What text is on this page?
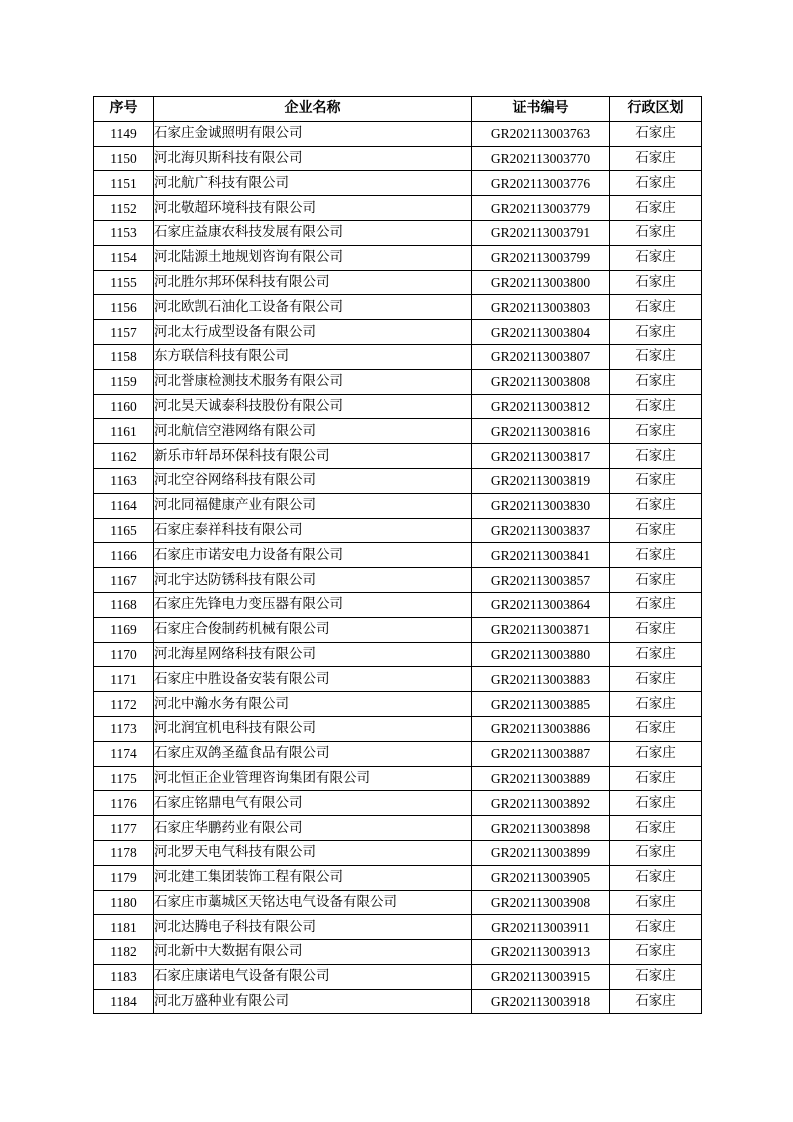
序号	企业名称	证书编号	行政区划
1149	石家庄金诚照明有限公司	GR202113003763	石家庄
1150	河北海贝斯科技有限公司	GR202113003770	石家庄
1151	河北航广科技有限公司	GR202113003776	石家庄
1152	河北敬超环境科技有限公司	GR202113003779	石家庄
1153	石家庄益康农科技发展有限公司	GR202113003791	石家庄
1154	河北陆源土地规划咨询有限公司	GR202113003799	石家庄
1155	河北胜尔邦环保科技有限公司	GR202113003800	石家庄
1156	河北欧凯石油化工设备有限公司	GR202113003803	石家庄
1157	河北太行成型设备有限公司	GR202113003804	石家庄
1158	东方联信科技有限公司	GR202113003807	石家庄
1159	河北誉康检测技术服务有限公司	GR202113003808	石家庄
1160	河北昊天诚泰科技股份有限公司	GR202113003812	石家庄
1161	河北航信空港网络有限公司	GR202113003816	石家庄
1162	新乐市轩昂环保科技有限公司	GR202113003817	石家庄
1163	河北空谷网络科技有限公司	GR202113003819	石家庄
1164	河北同福健康产业有限公司	GR202113003830	石家庄
1165	石家庄泰祥科技有限公司	GR202113003837	石家庄
1166	石家庄市诺安电力设备有限公司	GR202113003841	石家庄
1167	河北宇达防锈科技有限公司	GR202113003857	石家庄
1168	石家庄先锋电力变压器有限公司	GR202113003864	石家庄
1169	石家庄合俊制药机械有限公司	GR202113003871	石家庄
1170	河北海星网络科技有限公司	GR202113003880	石家庄
1171	石家庄中胜设备安装有限公司	GR202113003883	石家庄
1172	河北中瀚水务有限公司	GR202113003885	石家庄
1173	河北润宜机电科技有限公司	GR202113003886	石家庄
1174	石家庄双鸽圣蕴食品有限公司	GR202113003887	石家庄
1175	河北恒正企业管理咨询集团有限公司	GR202113003889	石家庄
1176	石家庄铭鼎电气有限公司	GR202113003892	石家庄
1177	石家庄华鹏药业有限公司	GR202113003898	石家庄
1178	河北罗天电气科技有限公司	GR202113003899	石家庄
1179	河北建工集团装饰工程有限公司	GR202113003905	石家庄
1180	石家庄市藁城区天铭达电气设备有限公司	GR202113003908	石家庄
1181	河北达腾电子科技有限公司	GR202113003911	石家庄
1182	河北新中大数据有限公司	GR202113003913	石家庄
1183	石家庄康诺电气设备有限公司	GR202113003915	石家庄
1184	河北万盛种业有限公司	GR202113003918	石家庄
